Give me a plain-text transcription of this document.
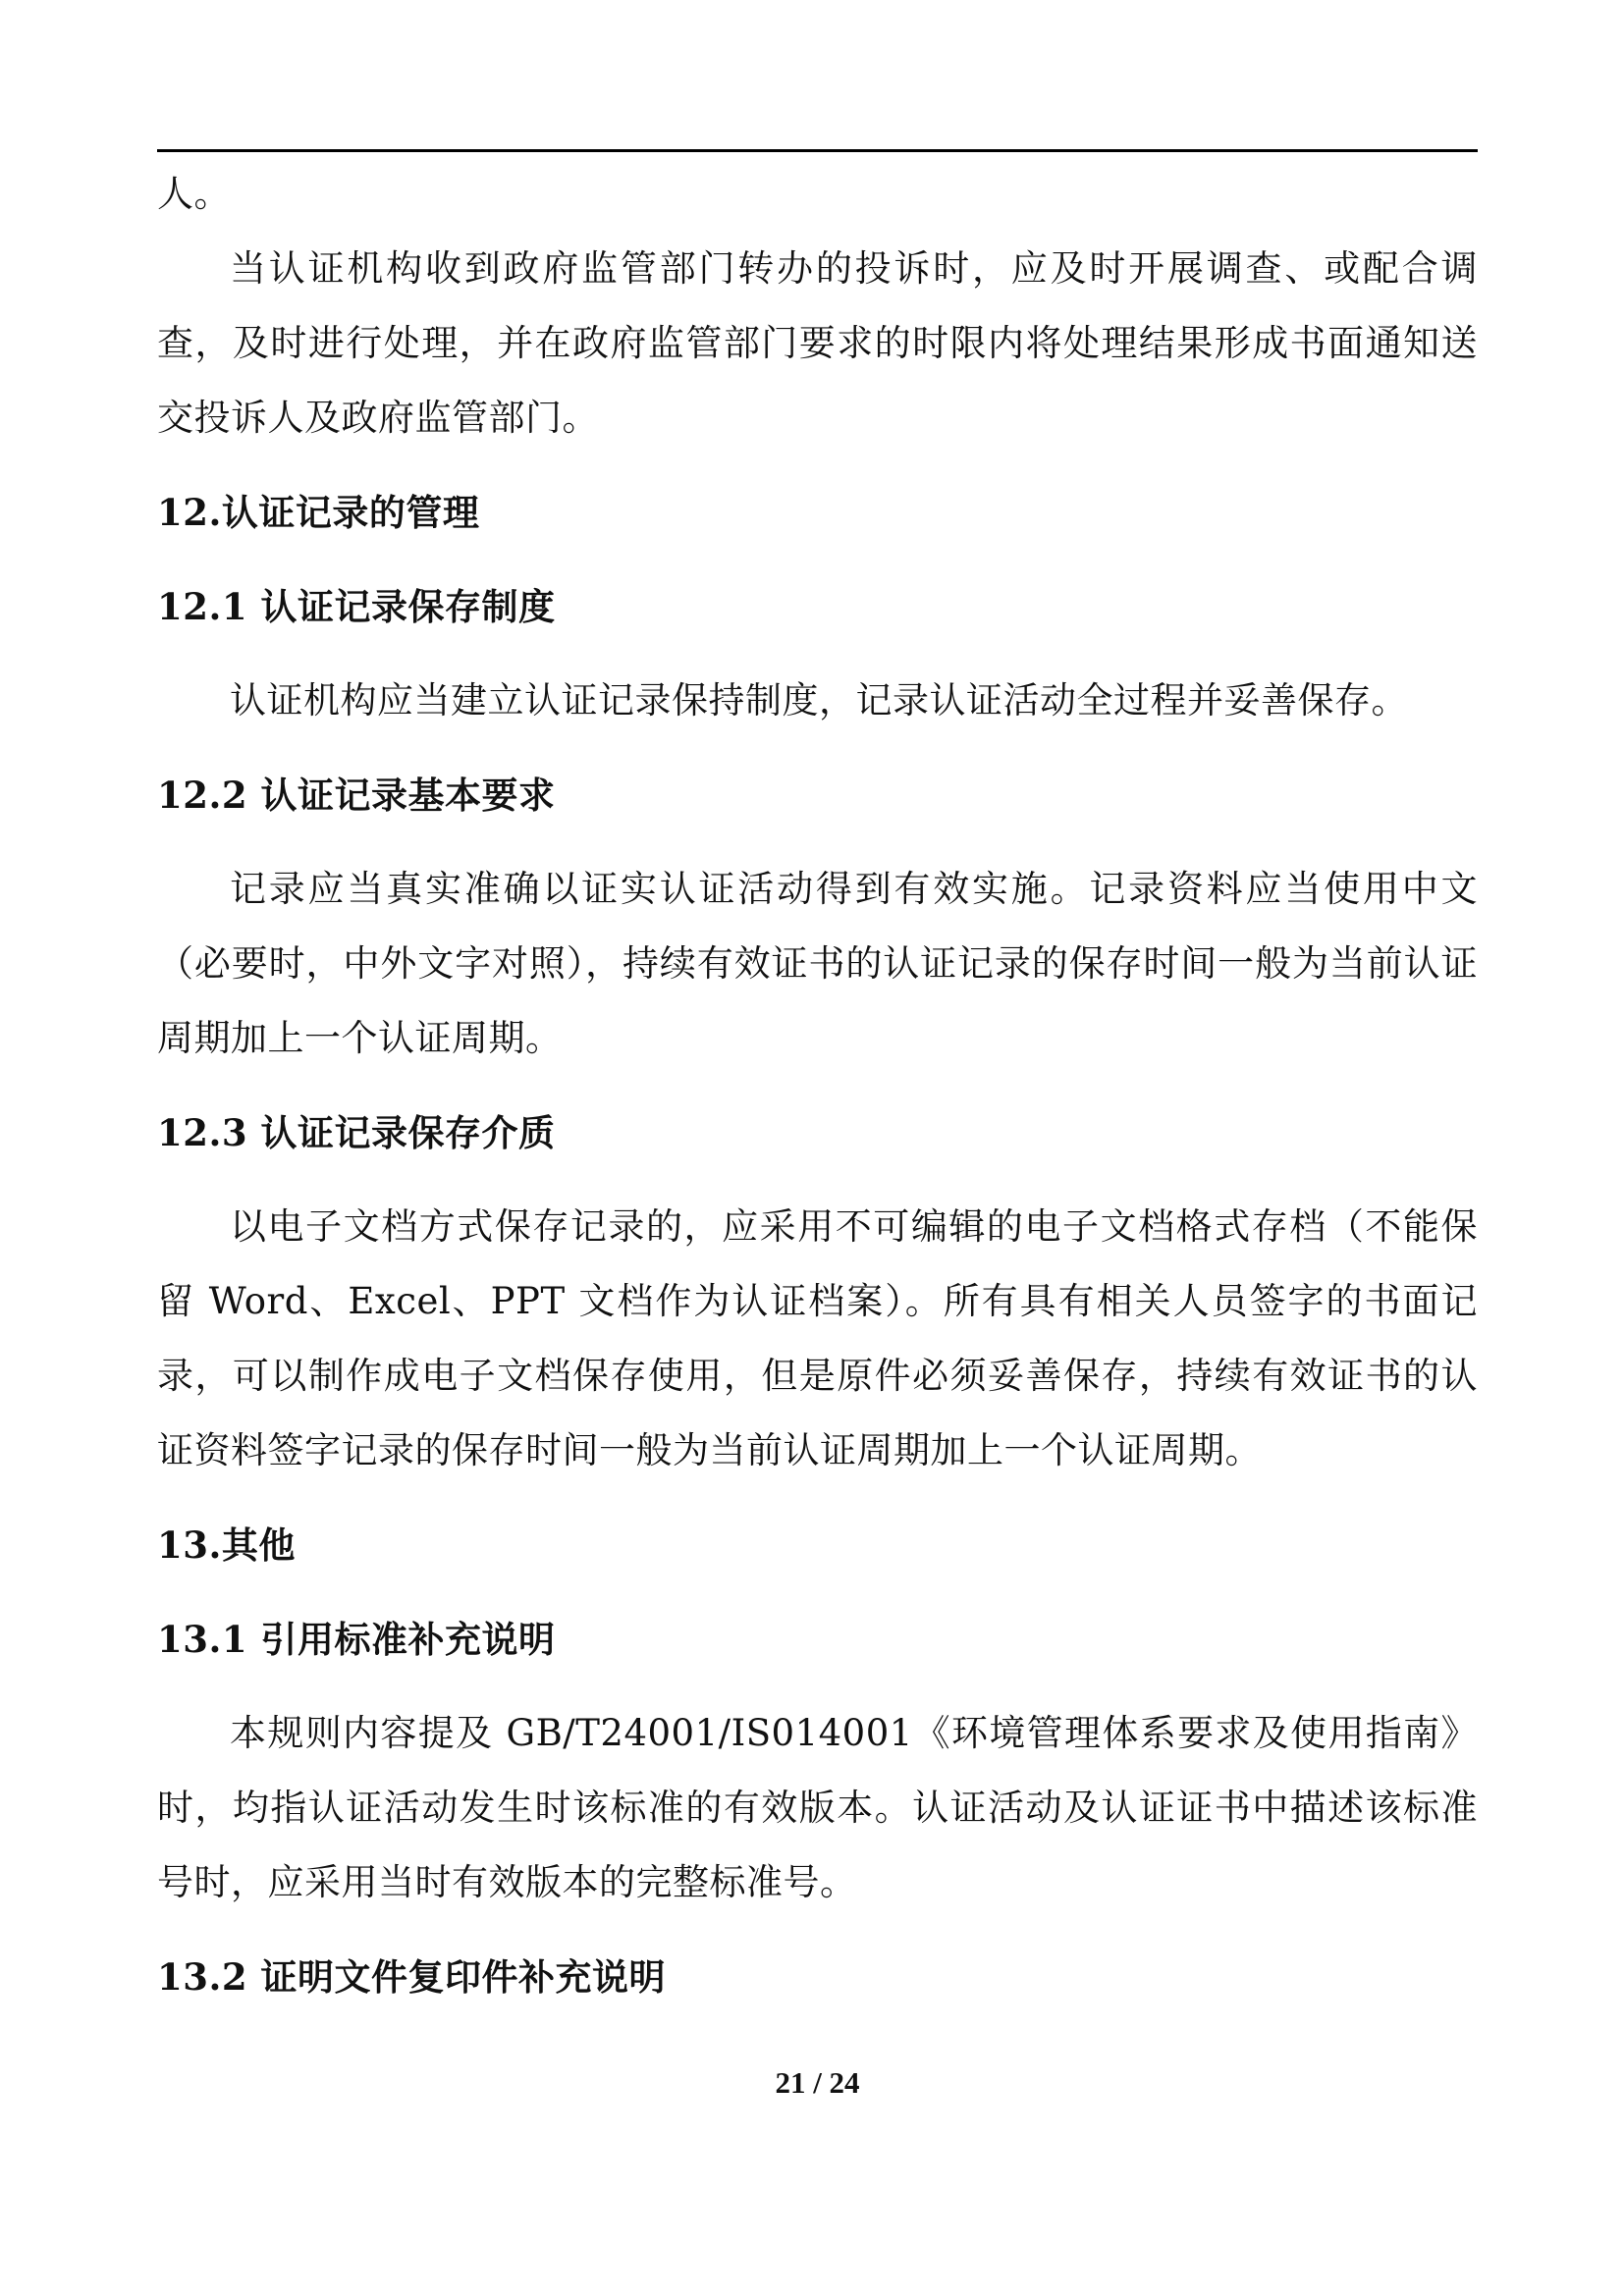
人。

当认证机构收到政府监管部门转办的投诉时，应及时开展调查、或配合调查，及时进行处理，并在政府监管部门要求的时限内将处理结果形成书面通知送交投诉人及政府监管部门。

12.认证记录的管理
12.1 认证记录保存制度

认证机构应当建立认证记录保持制度，记录认证活动全过程并妥善保存。

12.2 认证记录基本要求

记录应当真实准确以证实认证活动得到有效实施。记录资料应当使用中文（必要时，中外文字对照），持续有效证书的认证记录的保存时间一般为当前认证周期加上一个认证周期。

12.3 认证记录保存介质

以电子文档方式保存记录的，应采用不可编辑的电子文档格式存档（不能保留 Word、Excel、PPT 文档作为认证档案）。所有具有相关人员签字的书面记录，可以制作成电子文档保存使用，但是原件必须妥善保存，持续有效证书的认证资料签字记录的保存时间一般为当前认证周期加上一个认证周期。

13.其他
13.1 引用标准补充说明

本规则内容提及 GB/T24001/IS014001《环境管理体系要求及使用指南》时，均指认证活动发生时该标准的有效版本。认证活动及认证证书中描述该标准号时，应采用当时有效版本的完整标准号。

13.2 证明文件复印件补充说明
21 / 24
